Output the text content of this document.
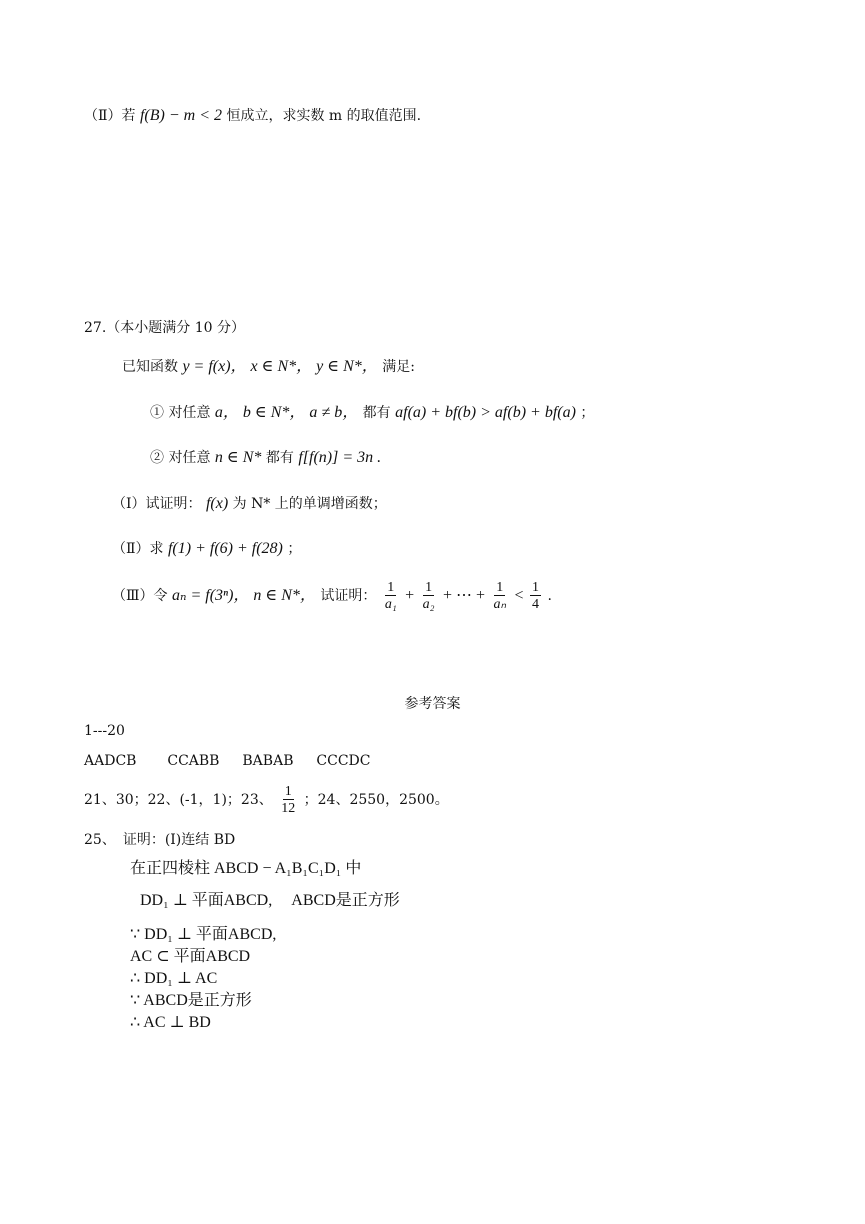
（Ⅱ）若 f(B) − m < 2 恒成立，求实数 m 的取值范围.
27.（本小题满分 10 分）
已知函数 y = f(x)， x ∈ N*， y ∈ N*， 满足:
① 对任意 a， b ∈ N*， a ≠ b， 都有 af(a) + bf(b) > af(b) + bf(a) ；
② 对任意 n ∈ N* 都有 f[f(n)] = 3n .
（Ⅰ）试证明： f(x) 为 N* 上的单调增函数；
（Ⅱ）求 f(1) + f(6) + f(28) ；
（Ⅲ）令 aₙ = f(3ⁿ)， n ∈ N*， 试证明： $\frac{1}{\text{a₁}} + \frac{1}{\text{a₂}}$ + ⋯ + $\frac{1}{\text{aₙ}} < \frac{1}{4}$ .
参考答案
1---20
AADCB CCABB BABAB CCCDC
21、30；22、(-1，1)；23、 $\frac{1}{12}$ ；24、2550，2500。
25、　证明：(Ⅰ)连结 BD
在正四棱柱 ABCD − A₁B₁C₁D₁ 中
DD₁ ⊥ 平面ABCD,　 ABCD是正方形
∵ DD₁ ⊥ 平面ABCD,
AC ⊂ 平面ABCD
∴ DD₁ ⊥ AC
∵ ABCD是正方形
∴ AC ⊥ BD
